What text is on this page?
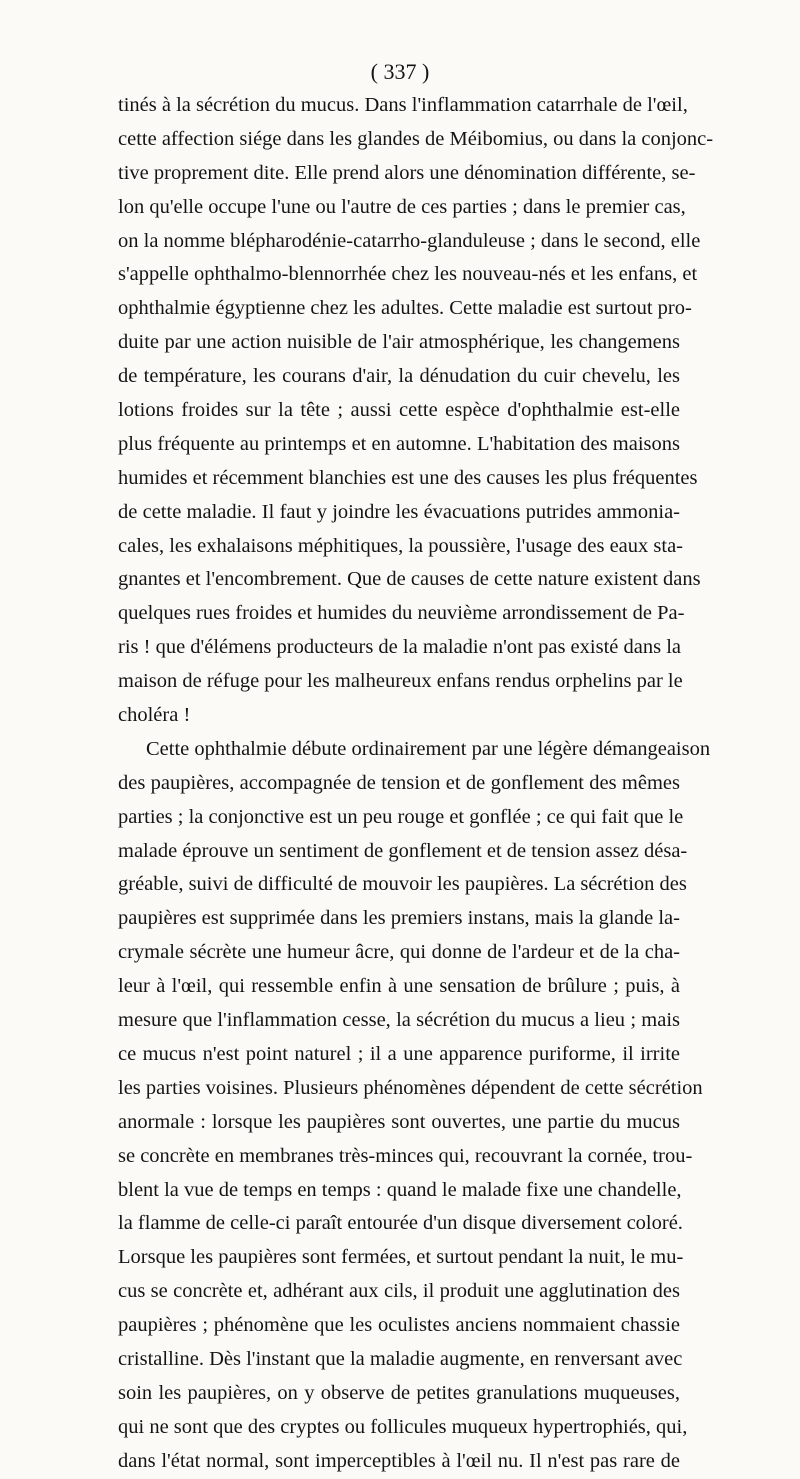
( 337 )
tinés à la sécrétion du mucus. Dans l'inflammation catarrhale de l'œil,
cette affection siége dans les glandes de Méibomius, ou dans la conjonc-
tive proprement dite. Elle prend alors une dénomination différente, se-
lon qu'elle occupe l'une ou l'autre de ces parties ; dans le premier cas,
on la nomme blépharodénie-catarrho-glanduleuse ; dans le second, elle
s'appelle ophthalmo-blennorrhée chez les nouveau-nés et les enfans, et
ophthalmie égyptienne chez les adultes. Cette maladie est surtout pro-
duite par une action nuisible de l'air atmosphérique, les changemens
de température, les courans d'air, la dénudation du cuir chevelu, les
lotions froides sur la tête ; aussi cette espèce d'ophthalmie est-elle
plus fréquente au printemps et en automne. L'habitation des maisons
humides et récemment blanchies est une des causes les plus fréquentes
de cette maladie. Il faut y joindre les évacuations putrides ammonia-
cales, les exhalaisons méphitiques, la poussière, l'usage des eaux sta-
gnantes et l'encombrement. Que de causes de cette nature existent dans
quelques rues froides et humides du neuvième arrondissement de Pa-
ris ! que d'élémens producteurs de la maladie n'ont pas existé dans la
maison de réfuge pour les malheureux enfans rendus orphelins par le
choléra !
Cette ophthalmie débute ordinairement par une légère démangeaison
des paupières, accompagnée de tension et de gonflement des mêmes
parties ; la conjonctive est un peu rouge et gonflée ; ce qui fait que le
malade éprouve un sentiment de gonflement et de tension assez désa-
gréable, suivi de difficulté de mouvoir les paupières. La sécrétion des
paupières est supprimée dans les premiers instans, mais la glande la-
crymale sécrète une humeur âcre, qui donne de l'ardeur et de la cha-
leur à l'œil, qui ressemble enfin à une sensation de brûlure ; puis, à
mesure que l'inflammation cesse, la sécrétion du mucus a lieu ; mais
ce mucus n'est point naturel ; il a une apparence puriforme, il irrite
les parties voisines. Plusieurs phénomènes dépendent de cette sécrétion
anormale : lorsque les paupières sont ouvertes, une partie du mucus
se concrète en membranes très-minces qui, recouvrant la cornée, trou-
blent la vue de temps en temps : quand le malade fixe une chandelle,
la flamme de celle-ci paraît entourée d'un disque diversement coloré.
Lorsque les paupières sont fermées, et surtout pendant la nuit, le mu-
cus se concrète et, adhérant aux cils, il produit une agglutination des
paupières ; phénomène que les oculistes anciens nommaient chassie
cristalline. Dès l'instant que la maladie augmente, en renversant avec
soin les paupières, on y observe de petites granulations muqueuses,
qui ne sont que des cryptes ou follicules muqueux hypertrophiés, qui,
dans l'état normal, sont imperceptibles à l'œil nu. Il n'est pas rare de
